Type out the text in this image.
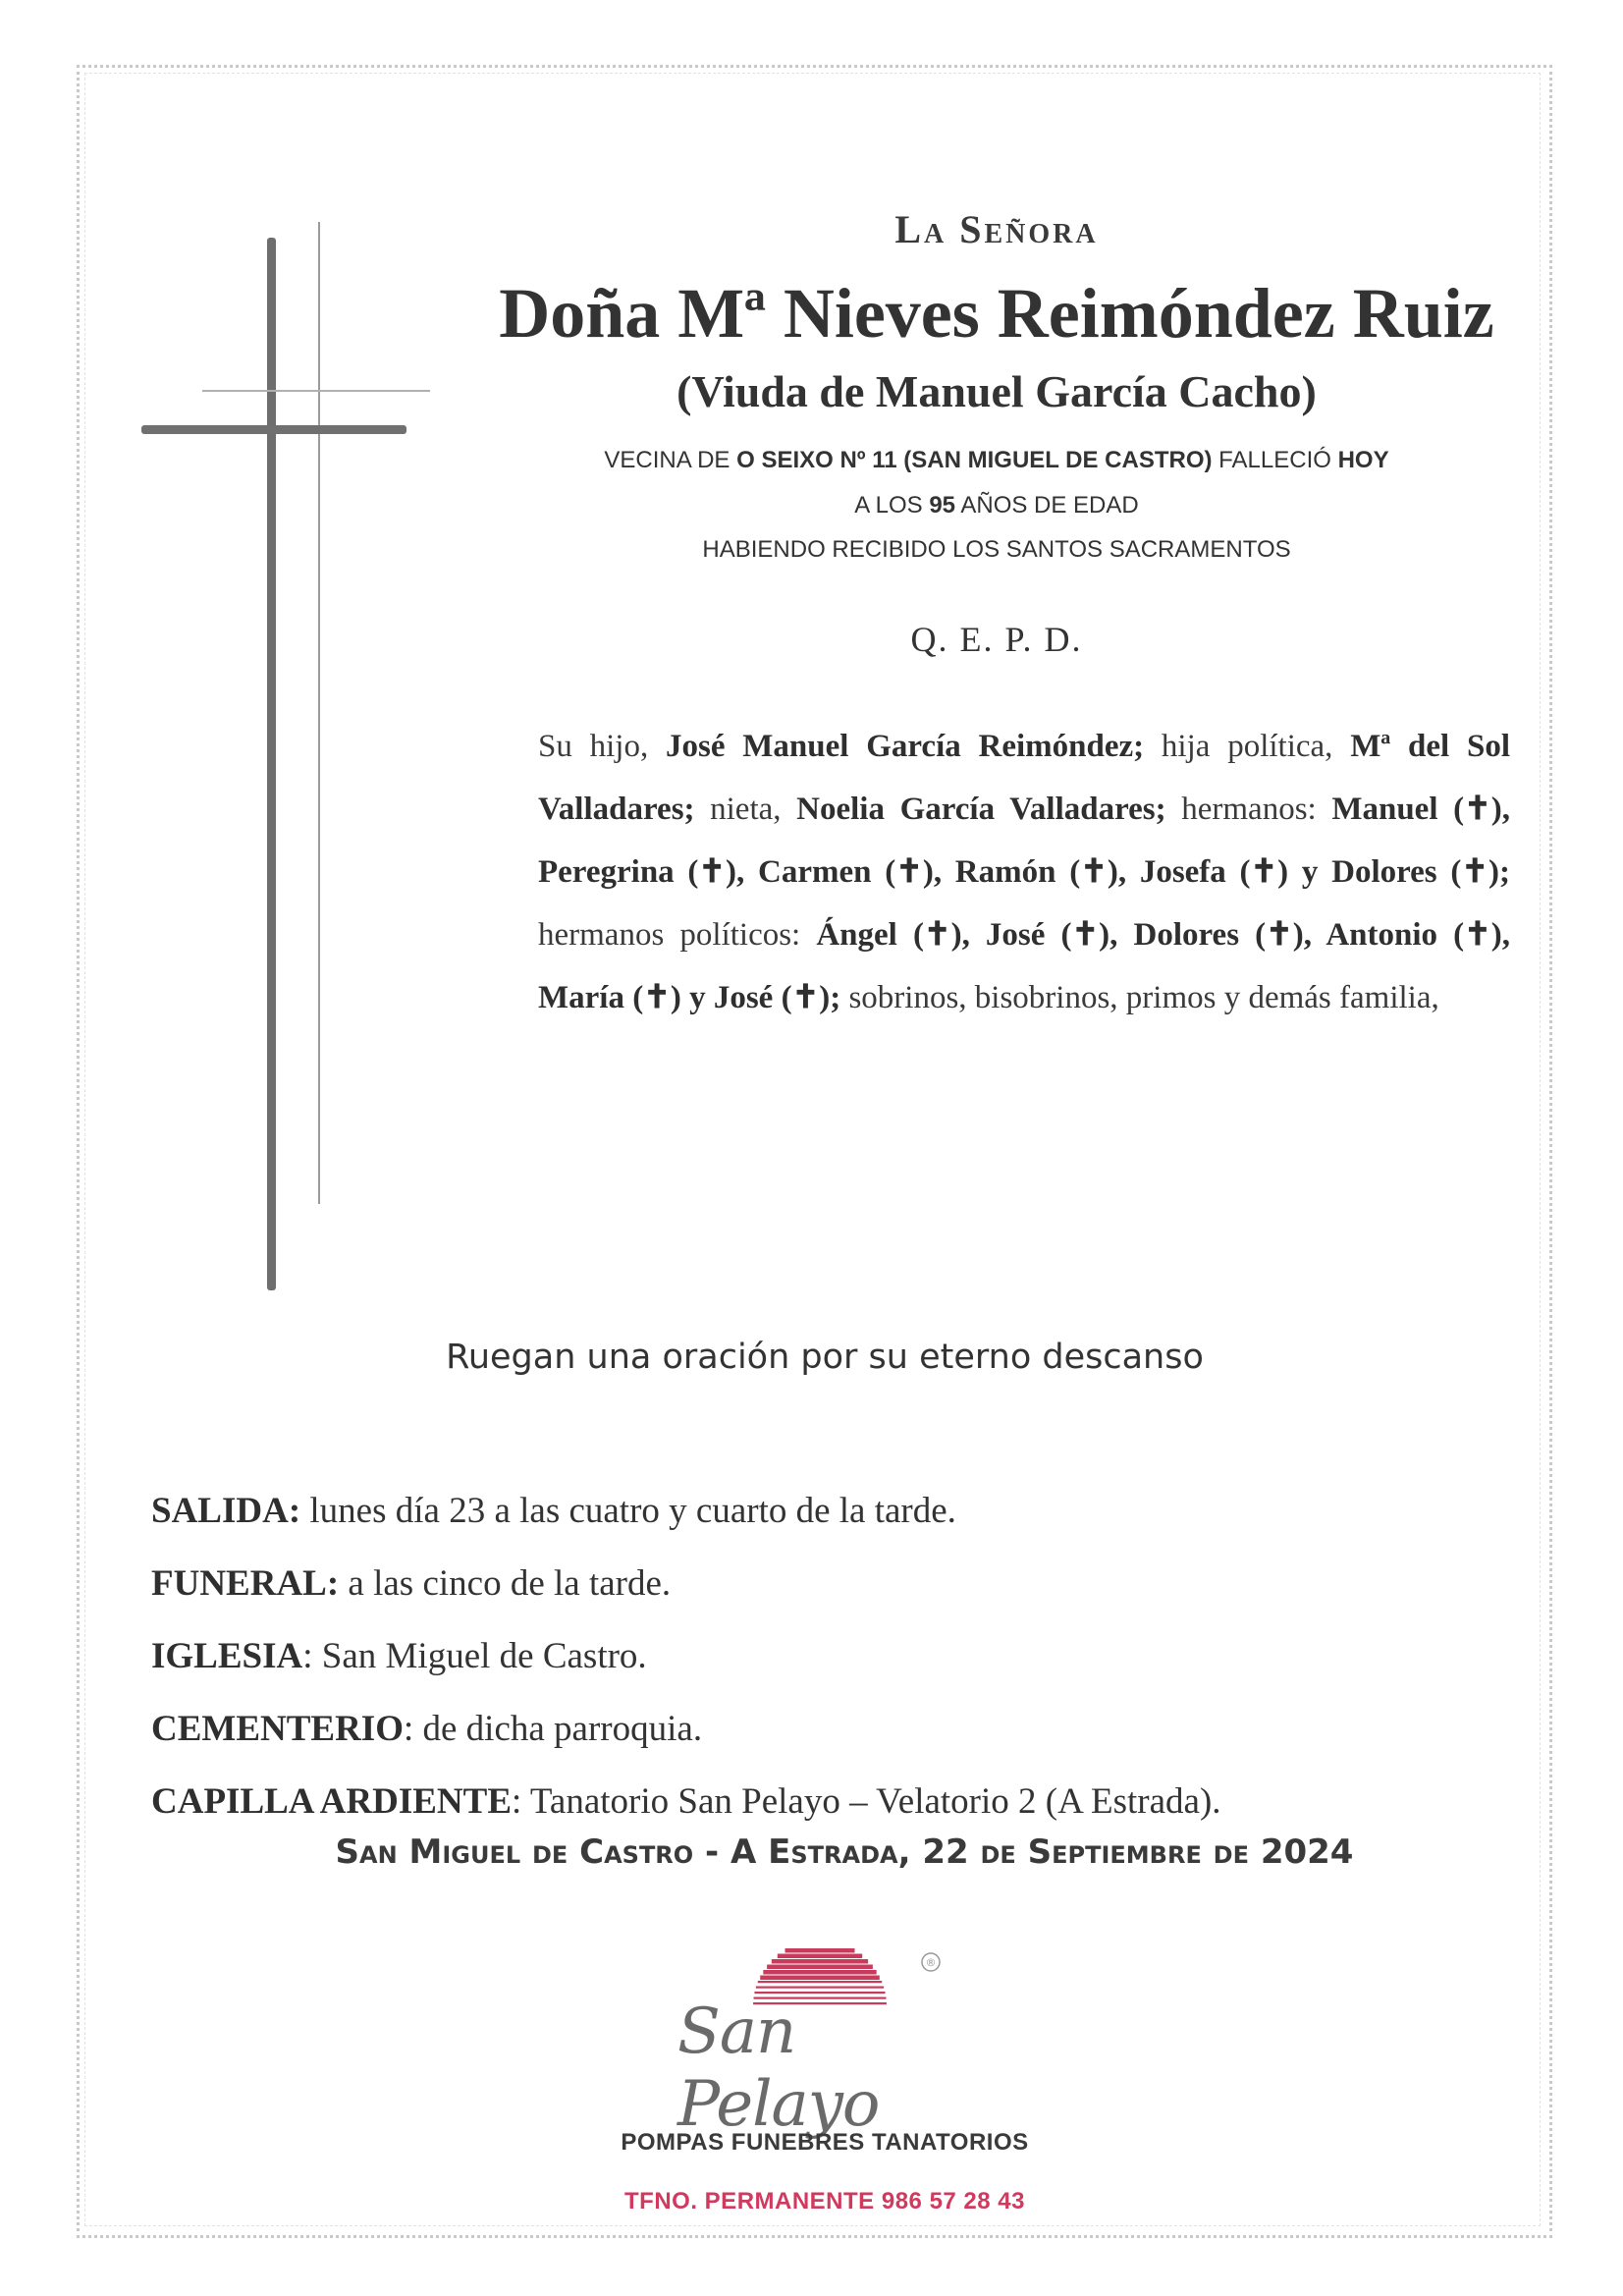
La Señora
Doña Mª Nieves Reimóndez Ruiz
(Viuda de Manuel García Cacho)
VECINA DE O SEIXO Nº 11 (SAN MIGUEL DE CASTRO) FALLECIÓ HOY
A LOS 95 AÑOS DE EDAD
HABIENDO RECIBIDO LOS SANTOS SACRAMENTOS
Q. E. P. D.
Su hijo, José Manuel García Reimóndez; hija política, Mª del Sol Valladares; nieta, Noelia García Valladares; hermanos: Manuel (✝), Peregrina (✝), Carmen (✝), Ramón (✝), Josefa (✝) y Dolores (✝); hermanos políticos: Ángel (✝), José (✝), Dolores (✝), Antonio (✝), María (✝) y José (✝); sobrinos, bisobrinos, primos y demás familia,
Ruegan una oración por su eterno descanso
SALIDA: lunes día 23 a las cuatro y cuarto de la tarde.
FUNERAL: a las cinco de la tarde.
IGLESIA: San Miguel de Castro.
CEMENTERIO: de dicha parroquia.
CAPILLA ARDIENTE: Tanatorio San Pelayo – Velatorio 2 (A Estrada).
San Miguel de Castro - A Estrada, 22 de Septiembre de 2024
®
San Pelayo
POMPAS FUNEBRES TANATORIOS
TFNO. PERMANENTE 986 57 28 43
